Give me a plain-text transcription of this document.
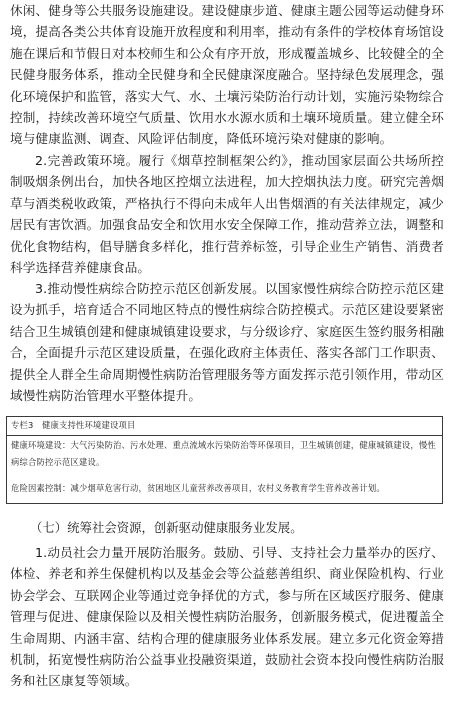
休闲、健身等公共服务设施建设。建设健康步道、健康主题公园等运动健身环境，提高各类公共体育设施开放程度和利用率，推动有条件的学校体育场馆设施在课后和节假日对本校师生和公众有序开放，形成覆盖城乡、比较健全的全民健身服务体系，推动全民健身和全民健康深度融合。坚持绿色发展理念，强化环境保护和监管，落实大气、水、土壤污染防治行动计划，实施污染物综合控制，持续改善环境空气质量、饮用水水源水质和土壤环境质量。建立健全环境与健康监测、调查、风险评估制度，降低环境污染对健康的影响。

2.完善政策环境。履行《烟草控制框架公约》，推动国家层面公共场所控制吸烟条例出台，加快各地区控烟立法进程，加大控烟执法力度。研究完善烟草与酒类税收政策，严格执行不得向未成年人出售烟酒的有关法律规定，减少居民有害饮酒。加强食品安全和饮用水安全保障工作，推动营养立法，调整和优化食物结构，倡导膳食多样化，推行营养标签，引导企业生产销售、消费者科学选择营养健康食品。

3.推动慢性病综合防控示范区创新发展。以国家慢性病综合防控示范区建设为抓手，培育适合不同地区特点的慢性病综合防控模式。示范区建设要紧密结合卫生城镇创建和健康城镇建设要求，与分级诊疗、家庭医生签约服务相融合，全面提升示范区建设质量，在强化政府主体责任、落实各部门工作职责、提供全人群全生命周期慢性病防治管理服务等方面发挥示范引领作用，带动区域慢性病防治管理水平整体提升。

专栏3　健康支持性环境建设项目
健康环境建设：大气污染防治、污水处理、重点流域水污染防治等环保项目，卫生城镇创建，健康城镇建设，慢性病综合防控示范区建设。
危险因素控制：减少烟草危害行动，贫困地区儿童营养改善项目，农村义务教育学生营养改善计划。
（七）统筹社会资源，创新驱动健康服务业发展。

1.动员社会力量开展防治服务。鼓励、引导、支持社会力量举办的医疗、体检、养老和养生保健机构以及基金会等公益慈善组织、商业保险机构、行业协会学会、互联网企业等通过竞争择优的方式，参与所在区域医疗服务、健康管理与促进、健康保险以及相关慢性病防治服务，创新服务模式，促进覆盖全生命周期、内涵丰富、结构合理的健康服务业体系发展。建立多元化资金筹措机制，拓宽慢性病防治公益事业投融资渠道，鼓励社会资本投向慢性病防治服务和社区康复等领域。
